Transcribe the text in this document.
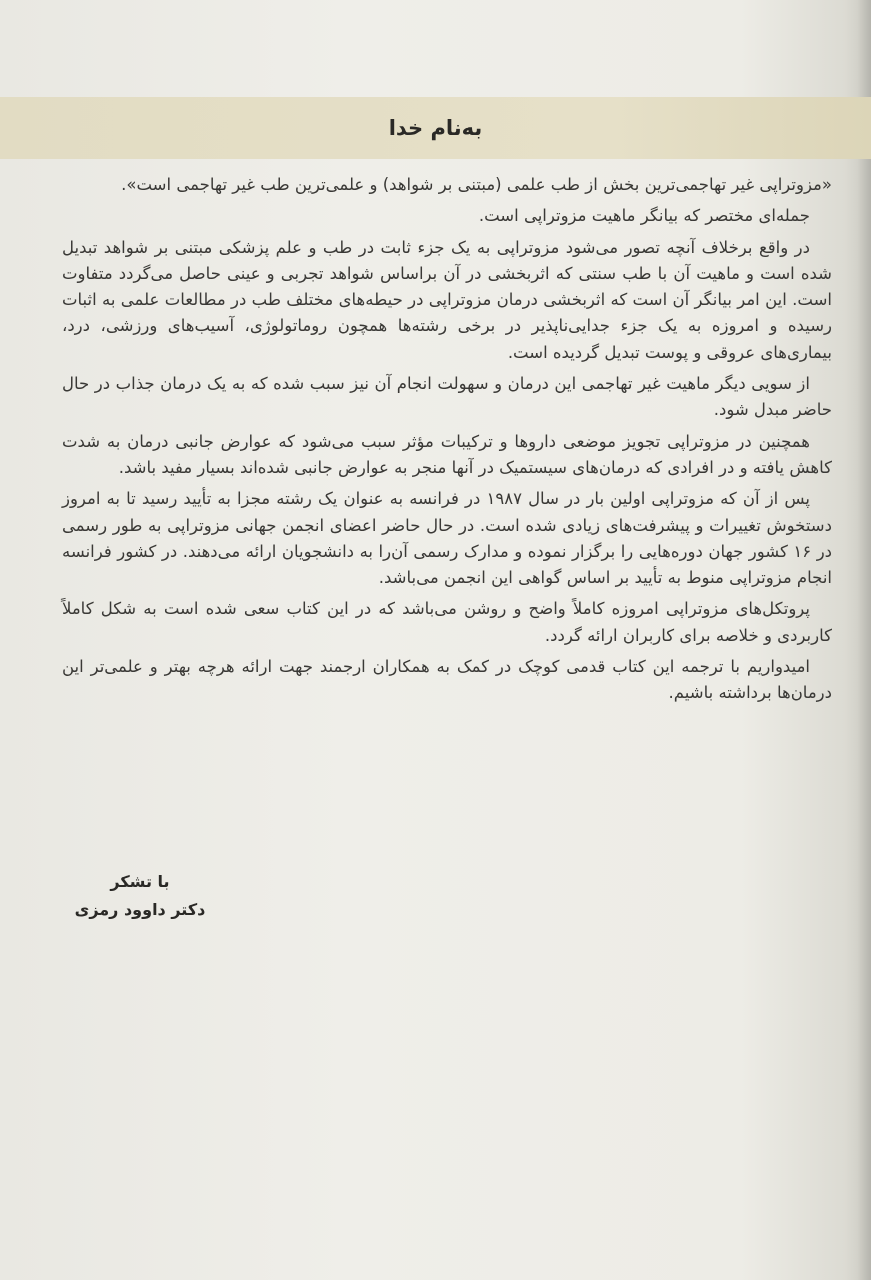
به‌نام خدا

«مزوتراپی غیر تهاجمی‌ترین بخش از طب علمی (مبتنی بر شواهد) و علمی‌ترین طب غیر تهاجمی است».

جمله‌ای مختصر که بیانگر ماهیت مزوتراپی است.

در واقع برخلاف آنچه تصور می‌شود مزوتراپی به یک جزء ثابت در طب و علم پزشکی مبتنی بر شواهد تبدیل شده است و ماهیت آن با طب سنتی که اثربخشی در آن براساس شواهد تجربی و عینی حاصل می‌گردد متفاوت است. این امر بیانگر آن است که اثربخشی درمان مزوتراپی در حیطه‌های مختلف طب در مطالعات علمی به اثبات رسیده و امروزه به یک جزء جدایی‌ناپذیر در برخی رشته‌ها همچون روماتولوژی، آسیب‌های ورزشی، درد، بیماری‌های عروقی و پوست تبدیل گردیده است.

از سویی دیگر ماهیت غیر تهاجمی این درمان و سهولت انجام آن نیز سبب شده که به یک درمان جذاب در حال حاضر مبدل شود.

همچنین در مزوتراپی تجویز موضعی داروها و ترکیبات مؤثر سبب می‌شود که عوارض جانبی درمان به شدت کاهش یافته و در افرادی که درمان‌های سیستمیک در آنها منجر به عوارض جانبی شده‌اند بسیار مفید باشد.

پس از آن که مزوتراپی اولین بار در سال ۱۹۸۷ در فرانسه به عنوان یک رشته مجزا به تأیید رسید تا به امروز دستخوش تغییرات و پیشرفت‌های زیادی شده است. در حال حاضر اعضای انجمن جهانی مزوتراپی به طور رسمی در ۱۶ کشور جهان دوره‌هایی را برگزار نموده و مدارک رسمی آن‌را به دانشجویان ارائه می‌دهند. در کشور فرانسه انجام مزوتراپی منوط به تأیید بر اساس گواهی این انجمن می‌باشد.

پروتکل‌های مزوتراپی امروزه کاملاً واضح و روشن می‌باشد که در این کتاب سعی شده است به شکل کاملاً کاربردی و خلاصه برای کاربران ارائه گردد.

امیدواریم با ترجمه این کتاب قدمی کوچک در کمک به همکاران ارجمند جهت ارائه هرچه بهتر و علمی‌تر این درمان‌ها برداشته باشیم.

با تشکر
دکتر داوود رمزی
